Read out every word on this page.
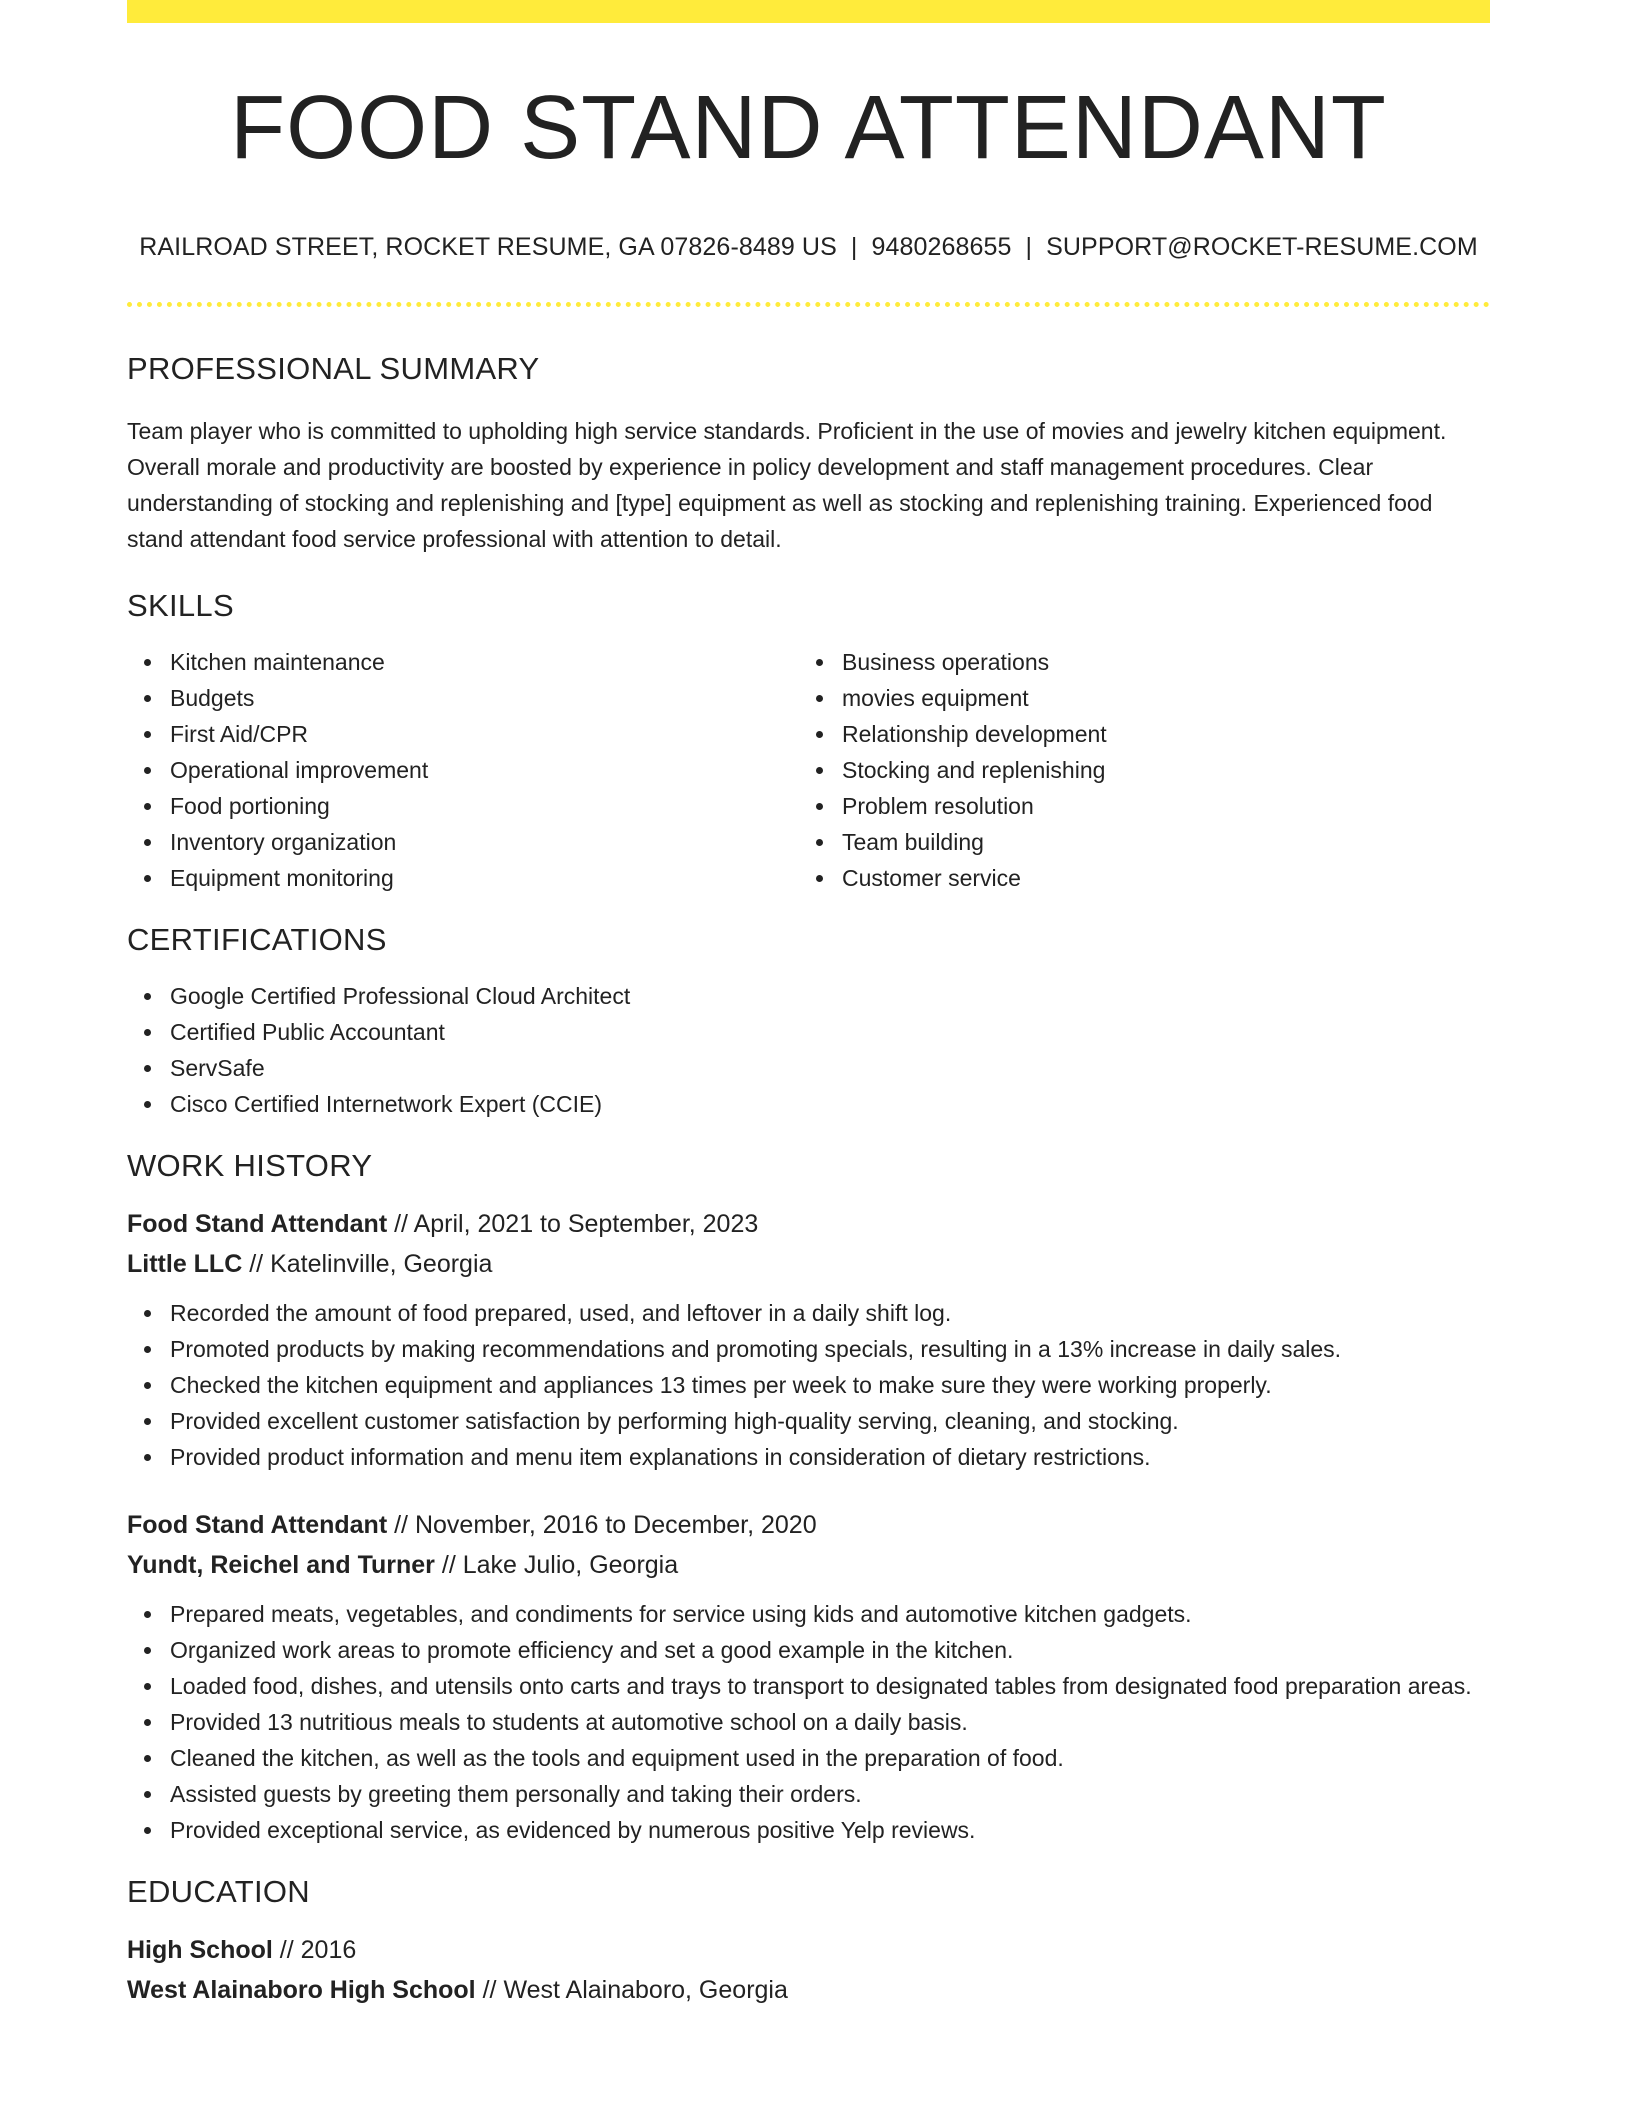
FOOD STAND ATTENDANT
RAILROAD STREET, ROCKET RESUME, GA 07826-8489 US | 9480268655 | SUPPORT@ROCKET-RESUME.COM
PROFESSIONAL SUMMARY
Team player who is committed to upholding high service standards. Proficient in the use of movies and jewelry kitchen equipment. Overall morale and productivity are boosted by experience in policy development and staff management procedures. Clear understanding of stocking and replenishing and [type] equipment as well as stocking and replenishing training. Experienced food stand attendant food service professional with attention to detail.
SKILLS
Kitchen maintenance
Budgets
First Aid/CPR
Operational improvement
Food portioning
Inventory organization
Equipment monitoring
Business operations
movies equipment
Relationship development
Stocking and replenishing
Problem resolution
Team building
Customer service
CERTIFICATIONS
Google Certified Professional Cloud Architect
Certified Public Accountant
ServSafe
Cisco Certified Internetwork Expert (CCIE)
WORK HISTORY
Food Stand Attendant // April, 2021 to September, 2023
Little LLC // Katelinville, Georgia
Recorded the amount of food prepared, used, and leftover in a daily shift log.
Promoted products by making recommendations and promoting specials, resulting in a 13% increase in daily sales.
Checked the kitchen equipment and appliances 13 times per week to make sure they were working properly.
Provided excellent customer satisfaction by performing high-quality serving, cleaning, and stocking.
Provided product information and menu item explanations in consideration of dietary restrictions.
Food Stand Attendant // November, 2016 to December, 2020
Yundt, Reichel and Turner // Lake Julio, Georgia
Prepared meats, vegetables, and condiments for service using kids and automotive kitchen gadgets.
Organized work areas to promote efficiency and set a good example in the kitchen.
Loaded food, dishes, and utensils onto carts and trays to transport to designated tables from designated food preparation areas.
Provided 13 nutritious meals to students at automotive school on a daily basis.
Cleaned the kitchen, as well as the tools and equipment used in the preparation of food.
Assisted guests by greeting them personally and taking their orders.
Provided exceptional service, as evidenced by numerous positive Yelp reviews.
EDUCATION
High School // 2016
West Alainaboro High School // West Alainaboro, Georgia
